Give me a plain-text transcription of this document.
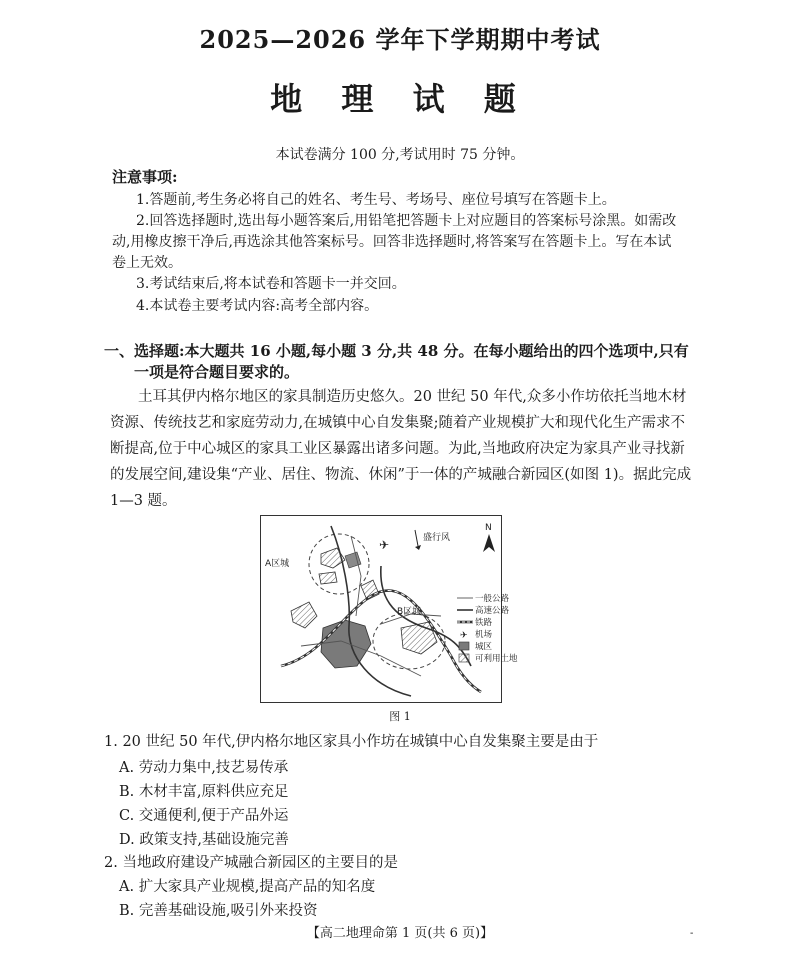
2025—2026 学年下学期期中考试
地 理 试 题
本试卷满分 100 分,考试用时 75 分钟。
注意事项:
1.答题前,考生务必将自己的姓名、考生号、考场号、座位号填写在答题卡上。
2.回答选择题时,选出每小题答案后,用铅笔把答题卡上对应题目的答案标号涂黑。如需改动,用橡皮擦干净后,再选涂其他答案标号。回答非选择题时,将答案写在答题卡上。写在本试卷上无效。
3.考试结束后,将本试卷和答题卡一并交回。
4.本试卷主要考试内容:高考全部内容。
一、选择题:本大题共 16 小题,每小题 3 分,共 48 分。在每小题给出的四个选项中,只有一项是符合题目要求的。
土耳其伊内格尔地区的家具制造历史悠久。20 世纪 50 年代,众多小作坊依托当地木材资源、传统技艺和家庭劳动力,在城镇中心自发集聚;随着产业规模扩大和现代化生产需求不断提高,位于中心城区的家具工业区暴露出诸多问题。为此,当地政府决定为家具产业寻找新的发展空间,建设集“产业、居住、物流、休闲”于一体的产城融合新园区(如图 1)。据此完成 1—3 题。
✈	盛行风
N
A区城
B区城
一般公路
高速公路
铁路
✈ 机场
城区
可利用土地
图 1
1. 20 世纪 50 年代,伊内格尔地区家具小作坊在城镇中心自发集聚主要是由于
A. 劳动力集中,技艺易传承
B. 木材丰富,原料供应充足
C. 交通便利,便于产品外运
D. 政策支持,基础设施完善
2. 当地政府建设产城融合新园区的主要目的是
A. 扩大家具产业规模,提高产品的知名度
B. 完善基础设施,吸引外来投资
【高二地理命第 1 页(共 6 页)】	-
